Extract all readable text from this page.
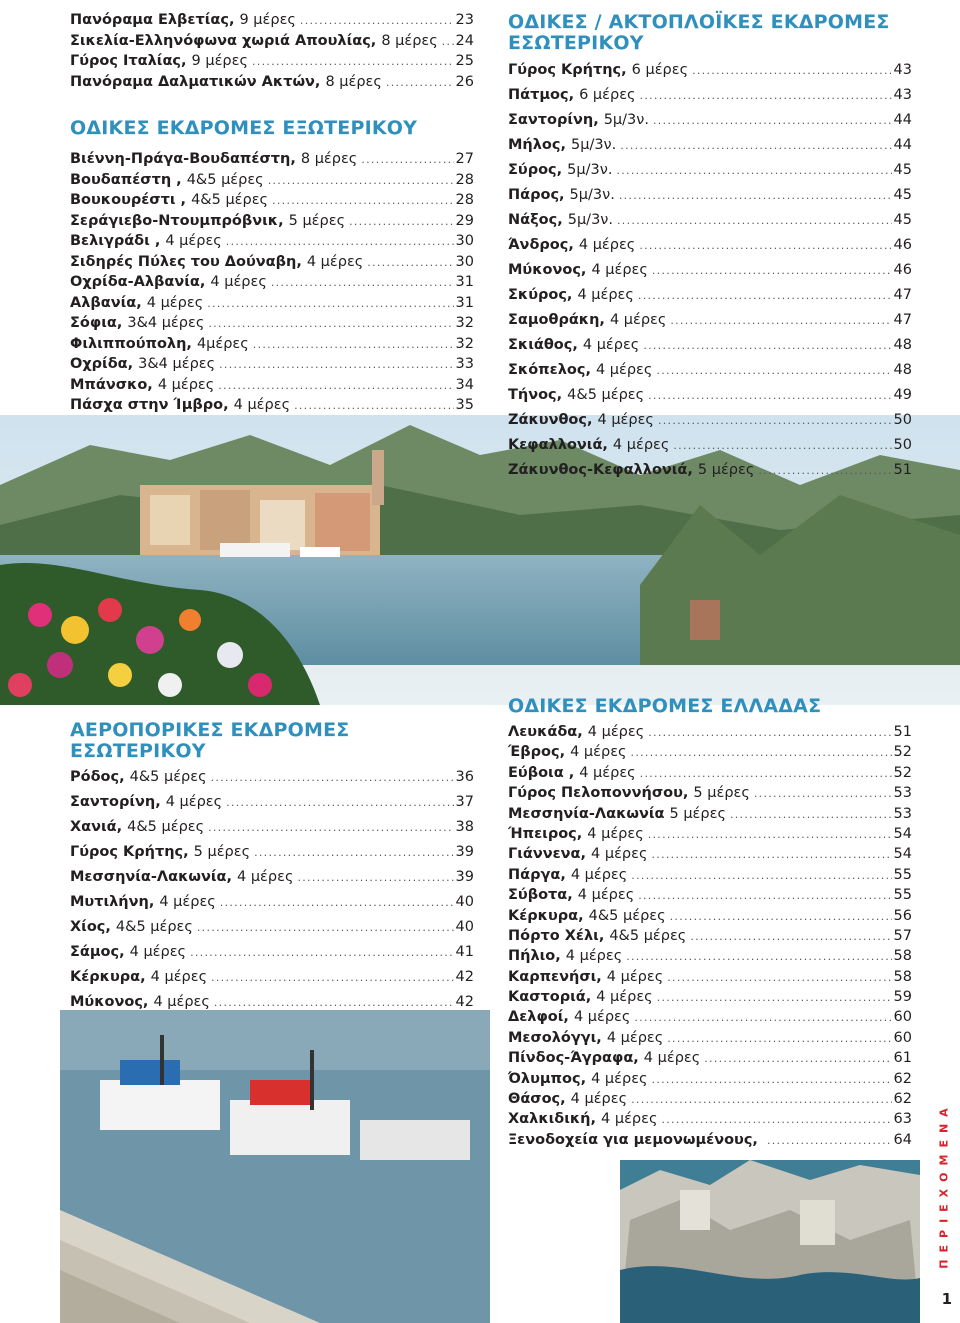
Πανόραμα Ελβετίας, 9 μέρες .....	23
Σικελία-Ελληνόφωνα χωριά Απουλίας, 8 μέρες ..... 24
Γύρος Ιταλίας, 9 μέρες .....	25
Πανόραμα Δαλματικών Ακτών, 8 μέρες .....	26
ΟΔΙΚΕΣ ΕΚΔΡΟΜΕΣ ΕΞΩΤΕΡΙΚΟΥ
Βιέννη-Πράγα-Βουδαπέστη, 8 μέρες .....	27
Βουδαπέστη , 4&5 μέρες .....	28
Βουκουρέστι , 4&5 μέρες .....	28
Σεράγιεβο-Ντουμπρόβνικ, 5 μέρες .....	29
Βελιγράδι , 4 μέρες .....	30
Σιδηρές Πύλες του Δούναβη, 4 μέρες .....	30
Οχρίδα-Αλβανία, 4 μέρες .....	31
Αλβανία, 4 μέρες .....	31
Σόφια, 3&4 μέρες .....	32
Φιλιππούπολη, 4μέρες .....	32
Οχρίδα, 3&4 μέρες .....	33
Μπάνσκο, 4 μέρες .....	34
Πάσχα στην Ίμβρο, 4 μέρες .....	35
ΑΕΡΟΠΟΡΙΚΕΣ ΕΚΔΡΟΜΕΣ ΕΣΩΤΕΡΙΚΟΥ
Ρόδος, 4&5 μέρες .....	36
Σαντορίνη, 4 μέρες .....	37
Χανιά, 4&5 μέρες .....	38
Γύρος Κρήτης, 5 μέρες .....	39
Μεσσηνία-Λακωνία, 4 μέρες .....	39
Μυτιλήνη, 4 μέρες .....	40
Χίος, 4&5 μέρες .....	40
Σάμος, 4 μέρες .....	41
Κέρκυρα, 4 μέρες .....	42
Μύκονος, 4 μέρες .....	42
ΟΔΙΚΕΣ / ΑΚΤΟΠΛΟΪΚΕΣ ΕΚΔΡΟΜΕΣ
ΕΣΩΤΕΡΙΚΟΥ
Γύρος Κρήτης, 6 μέρες .....	43
Πάτμος, 6 μέρες .....	43
Σαντορίνη, 5μ/3ν. .....	44
Μήλος, 5μ/3ν. .....	44
Σύρος, 5μ/3ν. .....	45
Πάρος, 5μ/3ν. .....	45
Νάξος, 5μ/3ν. .....	45
Άνδρος, 4 μέρες .....	46
Μύκονος, 4 μέρες .....	46
Σκύρος, 4 μέρες .....	47
Σαμοθράκη, 4 μέρες .....	47
Σκιάθος, 4 μέρες .....	48
Σκόπελος, 4 μέρες .....	48
Τήνος, 4&5 μέρες .....	49
Ζάκυνθος, 4 μέρες .....	50
Κεφαλλονιά, 4 μέρες .....	50
Ζάκυνθος-Κεφαλλονιά, 5 μέρες .....	51
ΟΔΙΚΕΣ ΕΚΔΡΟΜΕΣ ΕΛΛΑΔΑΣ
Λευκάδα, 4 μέρες .....	51
Έβρος, 4 μέρες .....	52
Εύβοια , 4 μέρες .....	52
Γύρος Πελοποννήσου, 5 μέρες .....	53
Μεσσηνία-Λακωνία 5 μέρες .....	53
Ήπειρος, 4 μέρες .....	54
Γιάννενα, 4 μέρες .....	54
Πάργα, 4 μέρες .....	55
Σύβοτα, 4 μέρες .....	55
Κέρκυρα, 4&5 μέρες .....	56
Πόρτο Χέλι, 4&5 μέρες .....	57
Πήλιο, 4 μέρες .....	58
Καρπενήσι, 4 μέρες .....	58
Καστοριά, 4 μέρες .....	59
Δελφοί, 4 μέρες .....	60
Μεσολόγγι, 4 μέρες .....	60
Πίνδος-Άγραφα, 4 μέρες .....	61
Όλυμπος, 4 μέρες .....	62
Θάσος, 4 μέρες .....	62
Χαλκιδική, 4 μέρες .....	63
Ξενοδοχεία για μεμονωμένους, .....	64 ΠΕΡΙΕΧΟΜΕΝΑ
1
